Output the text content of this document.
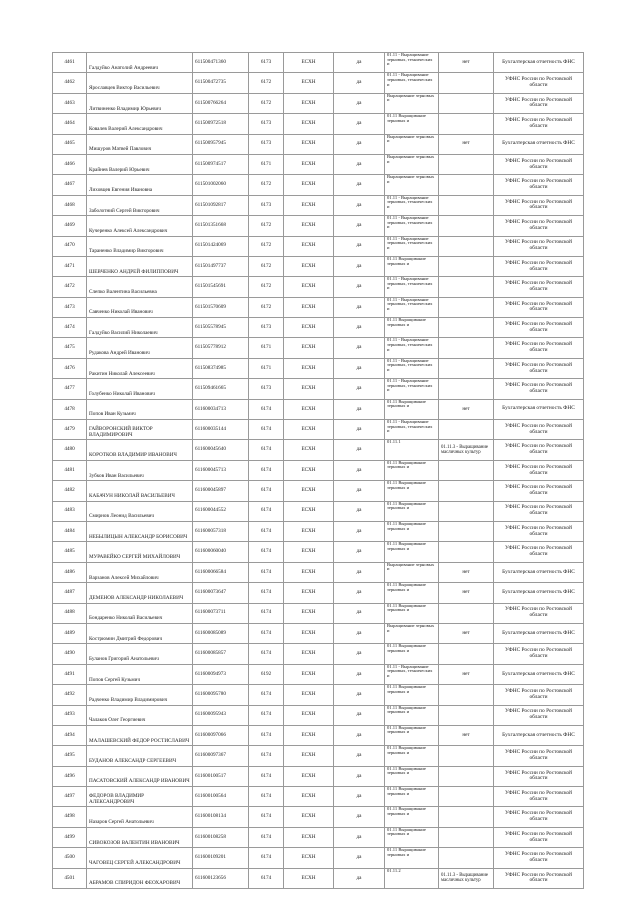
4461	Галдуйко Анатолий Андреевич	611500471360	6173	ЕСХН	да	01.11 - Выращивание зерновых, технических и	нет	Бухгалтерская отчетность ФНС
4462	Ярославцев Виктор Васильевич	611500472735	6172	ЕСХН	да	01.11 - Выращивание зерновых, технических и		УФНС России по Ростовской области
4463	Литвиненко Владимир Юрьевич	611500766264	6172	ЕСХН	да	Выращивание зерновых и		УФНС России по Ростовской области
4464	Ковалев Валерий Александрович	611500972518	6173	ЕСХН	да	01.11 Выращивание зерновых и		УФНС России по Ростовской области
4465	Мишуров Матвей Павлович	611500957945	6173	ЕСХН	да	Выращивание зерновых и	нет	Бухгалтерская отчетность ФНС
4466	Крайнев Валерий Юрьевич	611500974517	6171	ЕСХН	да	Выращивание зерновых и		УФНС России по Ростовской области
4467	Лиховцев Евгения Ивановна	611501002060	6172	ЕСХН	да	Выращивание зерновых и		УФНС России по Ростовской области
4468	Заболотний Сергей Викторович	611501092817	6173	ЕСХН	да	01.11 - Выращивание зерновых, технических и		УФНС России по Ростовской области
4469	Кучеренко Алексей Александрович	611501351668	6172	ЕСХН	да	01.11 - Выращивание зерновых, технических и		УФНС России по Ростовской области
4470	Тараненко Владимир Викторович	611501424069	6172	ЕСХН	да	01.11 - Выращивание зерновых, технических и		УФНС России по Ростовской области
4471	ШЕВЧЕНКО АНДРЕЙ ФИЛИППОВИЧ	611501497737	6172	ЕСХН	да	01.11 Выращивание зерновых и		УФНС России по Ростовской области
4472	Слепко Валентина Васильевна	611501545691	6172	ЕСХН	да	01.11 - Выращивание зерновых, технических и		УФНС России по Ростовской области
4473	Савченко Николай Иванович	611501570609	6172	ЕСХН	да	01.11 - Выращивание зерновых, технических и		УФНС России по Ростовской области
4474	Галдуйко Василий Николаевич	611505578945	6173	ЕСХН	да	01.11 Выращивание зерновых и		УФНС России по Ростовской области
4475	Рудакова Андрей Иванович	611505778912	6171	ЕСХН	да	01.11 - Выращивание зерновых, технических и		УФНС России по Ростовской области
4476	Ракитин Николай Алексеевич	611508374985	6171	ЕСХН	да	01.11 - Выращивание зерновых, технических и		УФНС России по Ростовской области
4477	Голубенко Николай Иванович	611509461665	6173	ЕСХН	да	01.11 - Выращивание зерновых, технических и		УФНС России по Ростовской области
4478	Попов Иван Кузьмич	611600034713	6174	ЕСХН	да	01.11 Выращивание зерновых и	нет	Бухгалтерская отчетность ФНС
4479	ГАЙВОРОНСКИЙ ВИКТОР ВЛАДИМИРОВИЧ	611600035144	6174	ЕСХН	да	01.11 - Выращивание зерновых, технических и		УФНС России по Ростовской области
4480	КОРОТКОВ ВЛАДИМИР ИВАНОВИЧ	611600045640	6174	ЕСХН	да	01.11.1	01.11.3 - Выращивание масличных культур	УФНС России по Ростовской области
4481	Зубков Иван Васильевич	611600045713	6174	ЕСХН	да	01.11 Выращивание зерновых и		УФНС России по Ростовской области
4482	КАБАЧУН НИКОЛАЙ ВАСИЛЬЕВИЧ	611600045897	6174	ЕСХН	да	01.11 Выращивание зерновых и		УФНС России по Ростовской области
4483	Смирнов Леонид Васильевич	611600044552	6174	ЕСХН	да	01.11 Выращивание зерновых и		УФНС России по Ростовской области
4484	НЕБЫЛИЦЫН АЛЕКСАНДР БОРИСОВИЧ	611600057318	6174	ЕСХН	да	01.11 Выращивание зерновых и		УФНС России по Ростовской области
4485	МУРАВЕЙКО СЕРГЕЙ МИХАЙЛОВИЧ	611600060040	6174	ЕСХН	да	01.11 Выращивание зерновых и		УФНС России по Ростовской области
4486	Варзанов Алексей Михайлович	611600066584	6174	ЕСХН	да	Выращивание зерновых и	нет	Бухгалтерская отчетность ФНС
4487	ДЕМЕНОВ АЛЕКСАНДР НИКОЛАЕВИЧ	611600073647	6174	ЕСХН	да	01.11 Выращивание зерновых и	нет	Бухгалтерская отчетность ФНС
4488	Бондаренко Николай Васильевич	611600073711	6174	ЕСХН	да	01.11 Выращивание зерновых и		УФНС России по Ростовской области
4489	Кострюмин Дмитрий Федорович	611600085089	6174	ЕСХН	да	Выращивание зерновых и	нет	Бухгалтерская отчетность ФНС
4490	Буланов Григорий Анатольевич	611600085857	6174	ЕСХН	да	01.11 Выращивание зерновых и		УФНС России по Ростовской области
4491	Попов Сергей Кузьмич	611600094973	6192	ЕСХН	да	01.11 - Выращивание зерновых, технических и	нет	Бухгалтерская отчетность ФНС
4492	Радченко Владимир Владимирович	611600095780	6174	ЕСХН	да	01.11 Выращивание зерновых и		УФНС России по Ростовской области
4493	Чалаков Олег Георгиевич	611600095943	6174	ЕСХН	да	01.11 Выращивание зерновых и		УФНС России по Ростовской области
4494	МАЛАШЕВСКИЙ ФЕДОР РОСТИСЛАВИЧ	611600097066	6174	ЕСХН	да	01.11 Выращивание зерновых и	нет	Бухгалтерская отчетность ФНС
4495	БУДАНОВ АЛЕКСАНДР СЕРГЕЕВИЧ	611600097367	6174	ЕСХН	да	01.11 Выращивание зерновых и		УФНС России по Ростовской области
4496	ПАСАТОВСКИЙ АЛЕКСАНДР ИВАНОВИЧ	611600100517	6174	ЕСХН	да	01.11 Выращивание зерновых и		УФНС России по Ростовской области
4497	ФЕДОРОВ ВЛАДИМИР АЛЕКСАНДРОВИЧ	611600100564	6174	ЕСХН	да	01.11 Выращивание зерновых и		УФНС России по Ростовской области
4498	Назаров Сергей Анатольевич	611600108134	6174	ЕСХН	да	01.11 Выращивание зерновых и		УФНС России по Ростовской области
4499	СИВОКОЗОВ ВАЛЕНТИН ИВАНОВИЧ	611600108258	6174	ЕСХН	да	01.11 Выращивание зерновых и		УФНС России по Ростовской области
4500	ЧАГОВЕЦ СЕРГЕЙ АЛЕКСАНДРОВИЧ	611600109201	6174	ЕСХН	да	01.11 Выращивание зерновых и		УФНС России по Ростовской области
4501	АБРАМОВ СПИРИДОН ФЕОХАРОВИЧ	611600123656	6174	ЕСХН	да	01.11.2	01.11.3 - Выращивание масличных культур	УФНС России по Ростовской области
